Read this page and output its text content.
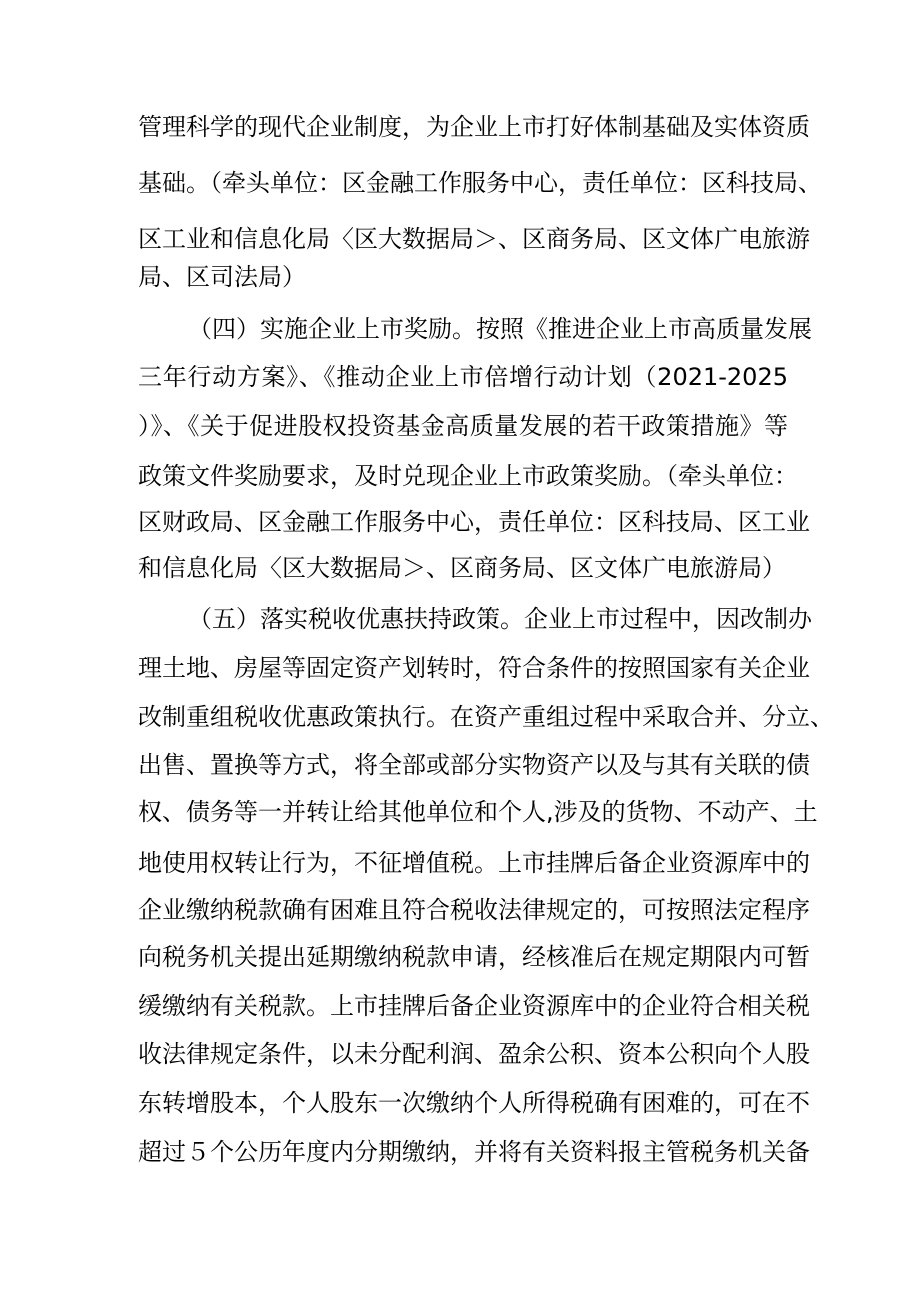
管理科学的现代企业制度，为企业上市打好体制基础及实体资质
基础。（牵头单位：区金融工作服务中心，责任单位：区科技局、
区工业和信息化局〈区大数据局＞、区商务局、区文体广电旅游
局、区司法局）
（四）实施企业上市奖励。按照《推进企业上市高质量发展
三年行动方案》、《推动企业上市倍增行动计划（2021-2025
）》、《关于促进股权投资基金高质量发展的若干政策措施》等
政策文件奖励要求，及时兑现企业上市政策奖励。（牵头单位：
区财政局、区金融工作服务中心，责任单位：区科技局、区工业
和信息化局〈区大数据局＞、区商务局、区文体广电旅游局）
（五）落实税收优惠扶持政策。企业上市过程中，因改制办
理土地、房屋等固定资产划转时，符合条件的按照国家有关企业
改制重组税收优惠政策执行。在资产重组过程中采取合并、分立、
出售、置换等方式，将全部或部分实物资产以及与其有关联的债
权、债务等一并转让给其他单位和个人,涉及的货物、不动产、土
地使用权转让行为，不征增值税。上市挂牌后备企业资源库中的
企业缴纳税款确有困难且符合税收法律规定的，可按照法定程序
向税务机关提出延期缴纳税款申请，经核准后在规定期限内可暂
缓缴纳有关税款。上市挂牌后备企业资源库中的企业符合相关税
收法律规定条件，以未分配利润、盈余公积、资本公积向个人股
东转增股本，个人股东一次缴纳个人所得税确有困难的，可在不
超过５个公历年度内分期缴纳，并将有关资料报主管税务机关备
